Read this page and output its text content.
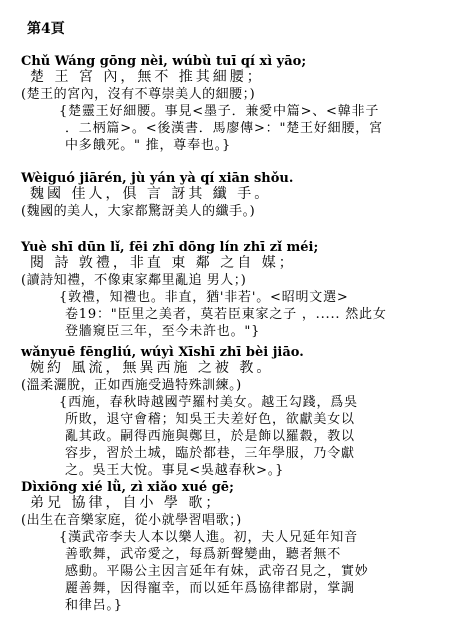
第4頁
Chǔ Wáng gōng nèi, wúbù tuī qí xì yāo;
楚 王 宮 內，無不 推其細腰；
(楚王的宮內，沒有不尊崇美人的細腰；)
{楚靈王好細腰。事見<墨子．兼愛中篇>、<韓非子
．二柄篇>。<後漢書．馬廖傳>："楚王好細腰，宮
中多餓死。" 推，尊奉也。}
Wèiguó jiārén, jù yán yà qí xiān shǒu.
魏國 佳人，俱 言 訝其 纖 手。
(魏國的美人，大家都驚訝美人的纖手。)
Yuè shī dūn lǐ, fēi zhī dōng lín zhī zǐ méi;
閱 詩 敦禮，非直 東 鄰 之自 媒；
(讀詩知禮，不像東家鄰里亂追 男人；)
{敦禮，知禮也。非直，猶'非若'。<昭明文選>
卷19："臣里之美者，莫若臣東家之子 ，..... 然此女
登牆窺臣三年，至今未許也。"}
wǎnyuē fēngliú, wúyì Xīshī zhī bèi jiāo.
婉約 風流，無異西施 之被 教。
(溫柔灑脫，正如西施受過特殊訓練。)
{西施，春秋時越國苧羅村美女。越王勾踐，爲吳
所敗，退守會稽；知吳王夫差好色，欲獻美女以
亂其政。嗣得西施與鄭旦，於是飾以羅縠，教以
容步，習於土城，臨於都巷，三年學服，乃令獻
之。吳王大悅。事見<吳越春秋>。}
Dìxiōng xié lǜ, zì xiǎo xué gē;
弟兄 協律，自小 學 歌；
(出生在音樂家庭，從小就學習唱歌；)
{漢武帝李夫人本以樂人進。初，夫人兄延年知音
善歌舞，武帝愛之，每爲新聲變曲，聽者無不
感動。平陽公主因言延年有妹，武帝召見之，實妙
麗善舞，因得寵幸，而以延年爲協律都尉，掌調
和律呂。}
